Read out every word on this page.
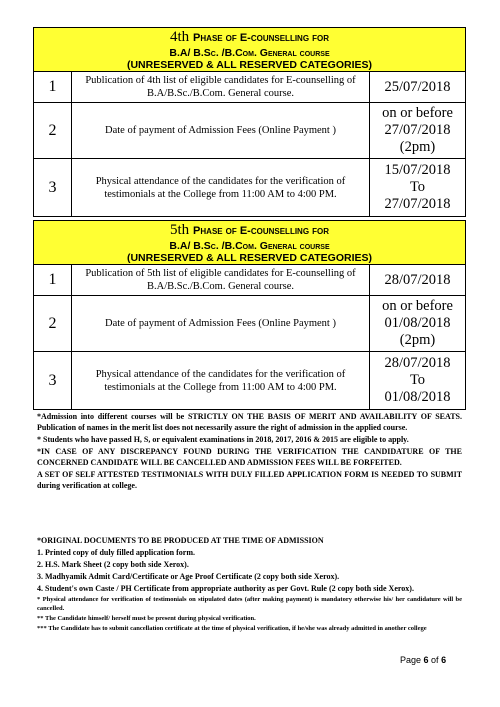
4th Phase of E-counselling for
B.A/ B.Sc. /B.Com. General course
(UNRESERVED & ALL RESERVED CATEGORIES)		

1	Publication of 4th list of eligible candidates for E-counselling of B.A/B.Sc./B.Com. General course.	25/07/2018

2	Date of payment of Admission Fees (Online Payment )	on or before
27/07/2018
(2pm)

3	Physical attendance of the candidates for the verification of testimonials at the College from 11:00 AM to 4:00 PM.	15/07/2018
To
27/07/2018
5th Phase of E-counselling for
B.A/ B.Sc. /B.Com. General course
(UNRESERVED & ALL RESERVED CATEGORIES)		

1	Publication of 5th list of eligible candidates for E-counselling of B.A/B.Sc./B.Com. General course.	28/07/2018

2	Date of payment of Admission Fees (Online Payment )	on or before
01/08/2018
(2pm)

3	Physical attendance of the candidates for the verification of testimonials at the College from 11:00 AM to 4:00 PM.	28/07/2018
To
01/08/2018

*Admission into different courses will be STRICTLY ON THE BASIS OF MERIT AND AVAILABILITY OF SEATS. Publication of names in the merit list does not necessarily assure the right of admission in the applied course.

* Students who have passed H, S, or equivalent examinations in 2018, 2017, 2016 & 2015 are eligible to apply.

*IN CASE OF ANY DISCREPANCY FOUND DURING THE VERIFICATION THE CANDIDATURE OF THE CONCERNED CANDIDATE WILL BE CANCELLED AND ADMISSION FEES WILL BE FORFEITED.

A SET OF SELF ATTESTED TESTIMONIALS WITH DULY FILLED APPLICATION FORM IS NEEDED TO SUBMIT during verification at college.

*ORIGINAL DOCUMENTS TO BE PRODUCED AT THE TIME OF ADMISSION

1. Printed copy of duly filled application form.

2. H.S. Mark Sheet (2 copy both side Xerox).

3. Madhyamik Admit Card/Certificate or Age Proof Certificate (2 copy both side Xerox).

4. Student's own Caste / PH Certificate from appropriate authority as per Govt. Rule (2 copy both side Xerox).

* Physical attendance for verification of testimonials on stipulated dates (after making payment) is mandatory otherwise his/ her candidature will be cancelled.

** The Candidate himself/ herself must be present during physical verification.

*** The Candidate has to submit cancellation certificate at the time of physical verification, if he/she was already admitted in another college

Page 6 of 6
